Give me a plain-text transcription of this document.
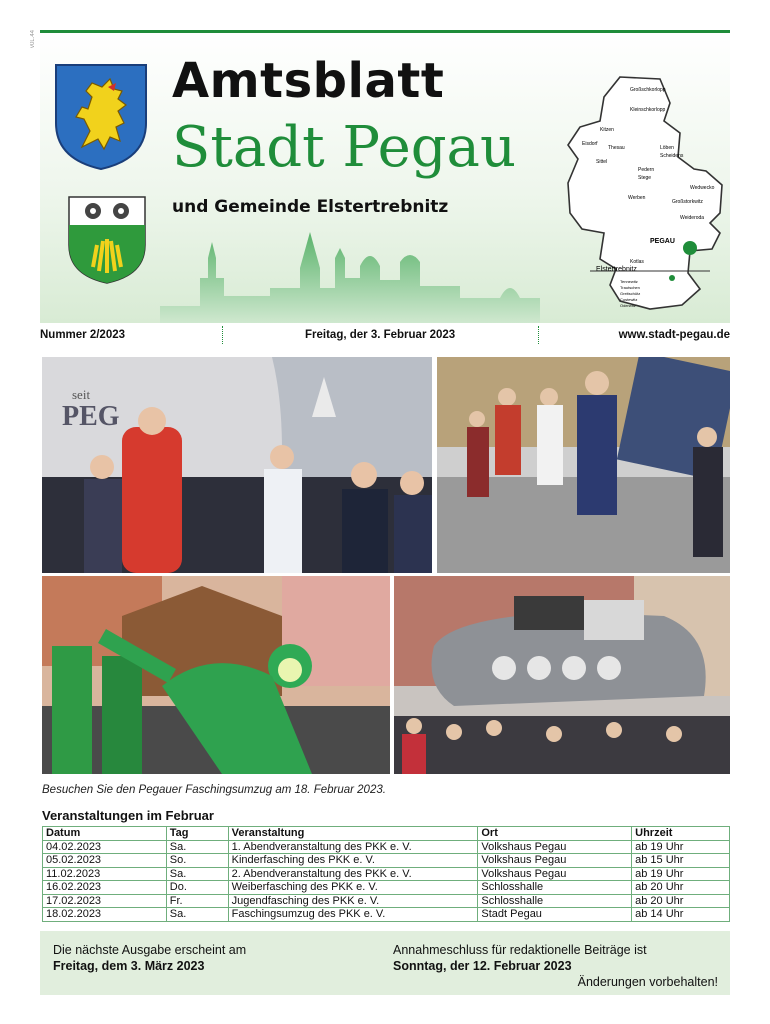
v0L.44
Amtsblatt
Stadt Pegau
und Gemeinde Elstertrebnitz
Großschkorlopp
Kleinschkorlopp
Kitzen
Eisdorf
Thesau	Löben
Scheidens
Sittel
Pedern
Stege
Werben
Wedwecko
Großstorkwitz
Weideroda
PEGAU
Kotlas
Elstertrebnitz
Tennewitz
Trautschen
Greitschütz
Costewitz
Oderwitz
Nummer 2/2023	Freitag, der 3. Februar 2023	www.stadt-pegau.de
seit
PEG
Besuchen Sie den Pegauer Faschingsumzug am 18. Februar 2023.
Veranstaltungen im Februar
Datum	Tag	Veranstaltung	Ort	Uhrzeit
04.02.2023	Sa.	1. Abendveranstaltung des PKK e. V.	Volkshaus Pegau	ab 19 Uhr
05.02.2023	So.	Kinderfasching des PKK e. V.	Volkshaus Pegau	ab 15 Uhr
11.02.2023	Sa.	2. Abendveranstaltung des PKK e. V.	Volkshaus Pegau	ab 19 Uhr
16.02.2023	Do.	Weiberfasching des PKK e. V.	Schlosshalle	ab 20 Uhr
17.02.2023	Fr.	Jugendfasching des PKK e. V.	Schlosshalle	ab 20 Uhr
18.02.2023	Sa.	Faschingsumzug des PKK e. V.	Stadt Pegau	ab 14 Uhr
Die nächste Ausgabe erscheint am
Freitag, dem 3. März 2023
Annahmeschluss für redaktionelle Beiträge ist
Sonntag, der 12. Februar 2023
Änderungen vorbehalten!
